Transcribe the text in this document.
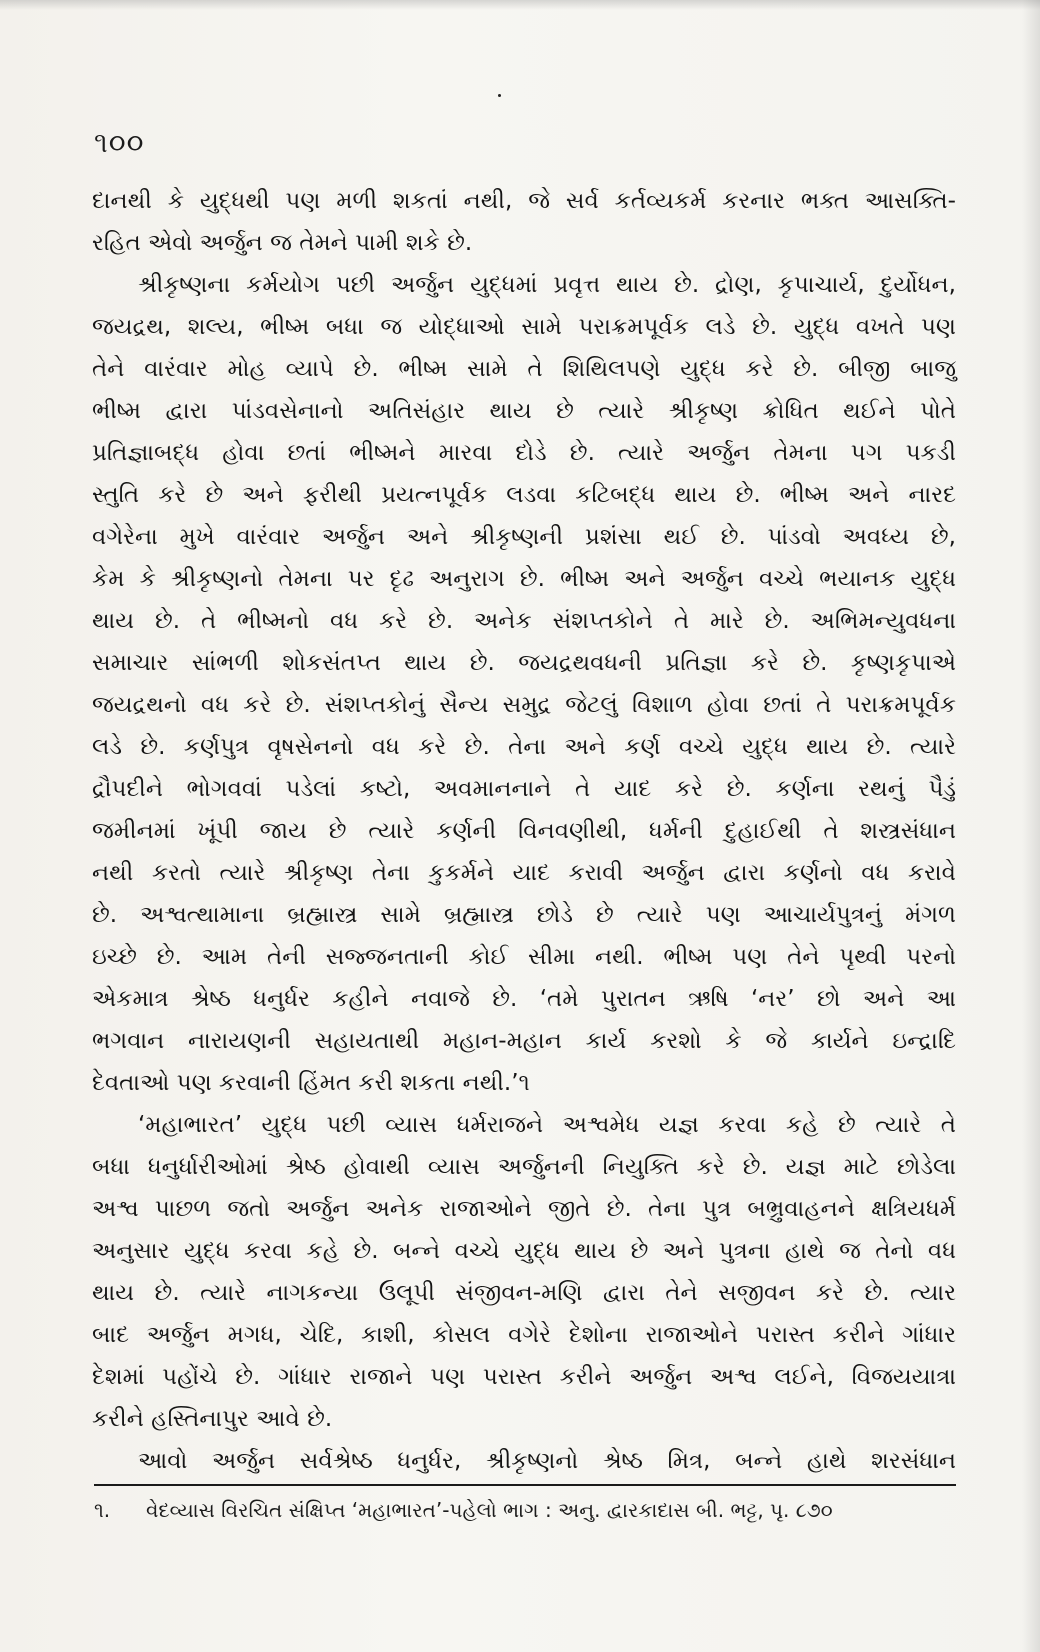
૧૦૦
દાનથી કે યુદ્ધથી પણ મળી શકતાં નથી, જે સર્વ કર્તવ્યકર્મ કરનાર ભક્ત આસક્તિ-
રહિત એવો અર્જુન જ તેમને પામી શકે છે.
શ્રીકૃષ્ણના કર્મયોગ પછી અર્જુન યુદ્ધમાં પ્રવૃત્ત થાય છે. દ્રોણ, કૃપાચાર્ય, દુર્યોધન,
જયદ્રથ, શલ્ય, ભીષ્મ બધા જ યોદ્ધાઓ સામે પરાક્રમપૂર્વક લડે છે. યુદ્ધ વખતે પણ
તેને વારંવાર મોહ વ્યાપે છે. ભીષ્મ સામે તે શિથિલપણે યુદ્ધ કરે છે. બીજી બાજુ
ભીષ્મ દ્વારા પાંડવસેનાનો અતિસંહાર થાય છે ત્યારે શ્રીકૃષ્ણ ક્રોધિત થઈને પોતે
પ્રતિજ્ઞાબદ્ધ હોવા છતાં ભીષ્મને મારવા દોડે છે. ત્યારે અર્જુન તેમના પગ પકડી
સ્તુતિ કરે છે અને ફરીથી પ્રયત્નપૂર્વક લડવા કટિબદ્ધ થાય છે. ભીષ્મ અને નારદ
વગેરેના મુખે વારંવાર અર્જુન અને શ્રીકૃષ્ણની પ્રશંસા થઈ છે. પાંડવો અવધ્ય છે,
કેમ કે શ્રીકૃષ્ણનો તેમના પર દૃઢ અનુરાગ છે. ભીષ્મ અને અર્જુન વચ્ચે ભયાનક યુદ્ધ
થાય છે. તે ભીષ્મનો વધ કરે છે. અનેક સંશપ્તકોને તે મારે છે. અભિમન્યુવધના
સમાચાર સાંભળી શોકસંતપ્ત થાય છે. જયદ્રથવધની પ્રતિજ્ઞા કરે છે. કૃષ્ણકૃપાએ
જયદ્રથનો વધ કરે છે. સંશપ્તકોનું સૈન્ય સમુદ્ર જેટલું વિશાળ હોવા છતાં તે પરાક્રમપૂર્વક
લડે છે. કર્ણપુત્ર વૃષસેનનો વધ કરે છે. તેના અને કર્ણ વચ્ચે યુદ્ધ થાય છે. ત્યારે
દ્રૌપદીને ભોગવવાં પડેલાં કષ્ટો, અવમાનનાને તે યાદ કરે છે. કર્ણના રથનું પૈડું
જમીનમાં ખૂંપી જાય છે ત્યારે કર્ણની વિનવણીથી, ધર્મની દુહાઈથી તે શસ્ત્રસંધાન
નથી કરતો ત્યારે શ્રીકૃષ્ણ તેના કુકર્મને યાદ કરાવી અર્જુન દ્વારા કર્ણનો વધ કરાવે
છે. અશ્વત્થામાના બ્રહ્માસ્ત્ર સામે બ્રહ્માસ્ત્ર છોડે છે ત્યારે પણ આચાર્યપુત્રનું મંગળ
ઇચ્છે છે. આમ તેની સજ્જનતાની કોઈ સીમા નથી. ભીષ્મ પણ તેને પૃથ્વી પરનો
એકમાત્ર શ્રેષ્ઠ ધનુર્ધર કહીને નવાજે છે. ‘તમે પુરાતન ઋષિ ‘નર’ છો અને આ
ભગવાન નારાયણની સહાયતાથી મહાન-મહાન કાર્ય કરશો કે જે કાર્યને ઇન્દ્રાદિ
દેવતાઓ પણ કરવાની હિંમત કરી શકતા નથી.’૧
‘મહાભારત’ યુદ્ધ પછી વ્યાસ ધર્મરાજને અશ્વમેધ યજ્ઞ કરવા કહે છે ત્યારે તે
બધા ધનુર્ધારીઓમાં શ્રેષ્ઠ હોવાથી વ્યાસ અર્જુનની નિયુક્તિ કરે છે. યજ્ઞ માટે છોડેલા
અશ્વ પાછળ જતો અર્જુન અનેક રાજાઓને જીતે છે. તેના પુત્ર બભ્રુવાહનને ક્ષત્રિયધર્મ
અનુસાર યુદ્ધ કરવા કહે છે. બન્ને વચ્ચે યુદ્ધ થાય છે અને પુત્રના હાથે જ તેનો વધ
થાય છે. ત્યારે નાગકન્યા ઉલૂપી સંજીવન-મણિ દ્વારા તેને સજીવન કરે છે. ત્યાર
બાદ અર્જુન મગધ, ચેદિ, કાશી, કોસલ વગેરે દેશોના રાજાઓને પરાસ્ત કરીને ગાંધાર
દેશમાં પહોંચે છે. ગાંધાર રાજાને પણ પરાસ્ત કરીને અર્જુન અશ્વ લઈને, વિજયયાત્રા
કરીને હસ્તિનાપુર આવે છે.
આવો અર્જુન સર્વશ્રેષ્ઠ ધનુર્ધર, શ્રીકૃષ્ણનો શ્રેષ્ઠ મિત્ર, બન્ને હાથે શરસંધાન
૧. વેદવ્યાસ વિરચિત સંક્ષિપ્ત ‘મહાભારત’-પહેલો ભાગ : અનુ. દ્વારકાદાસ બી. ભટ્ટ, પૃ. ૮૭૦
